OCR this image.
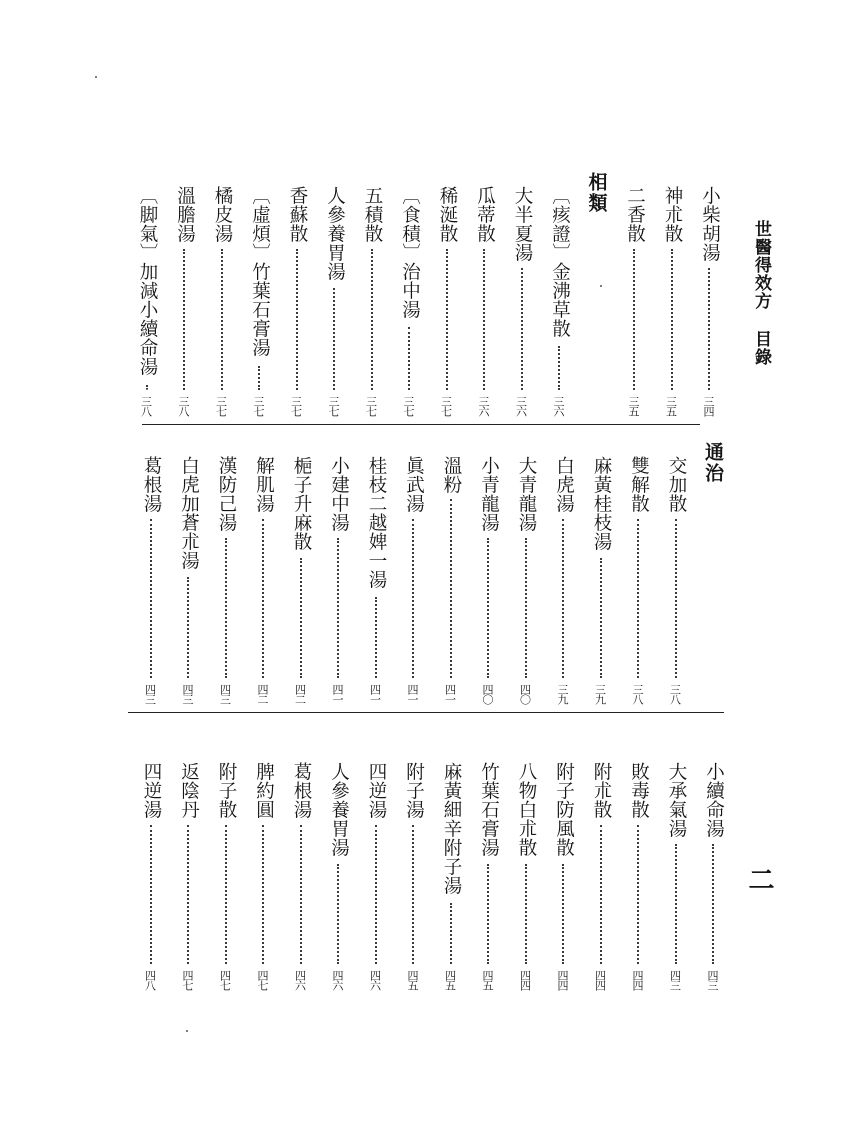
世醫得效方
目錄
二
小柴胡湯
三四
神朮散
三五
二香散
三五
相類
〔痎證〕金沸草散
三六
大半夏湯
三六
瓜蒂散
三六
稀涎散
三七
〔食積〕治中湯
三七
五積散
三七
人參養胃湯
三七
香蘇散
三七
〔虛煩〕竹葉石膏湯
三七
橘皮湯
三七
溫膽湯
三八
〔脚氣〕加減小續命湯
三八
通治
交加散
三八
雙解散
三八
麻黃桂枝湯
三九
白虎湯
三九
大青龍湯
四〇
小青龍湯
四〇
溫粉
四一
眞武湯
四一
桂枝二越婢一湯
四一
小建中湯
四一
梔子升麻散
四二
解肌湯
四二
漢防己湯
四三
白虎加蒼朮湯
四三
葛根湯
四三
小續命湯
四三
大承氣湯
四三
敗毒散
四四
附朮散
四四
附子防風散
四四
八物白朮散
四四
竹葉石膏湯
四五
麻黃細辛附子湯
四五
附子湯
四五
四逆湯
四六
人參養胃湯
四六
葛根湯
四六
脾約圓
四七
附子散
四七
返陰丹
四七
四逆湯
四八
